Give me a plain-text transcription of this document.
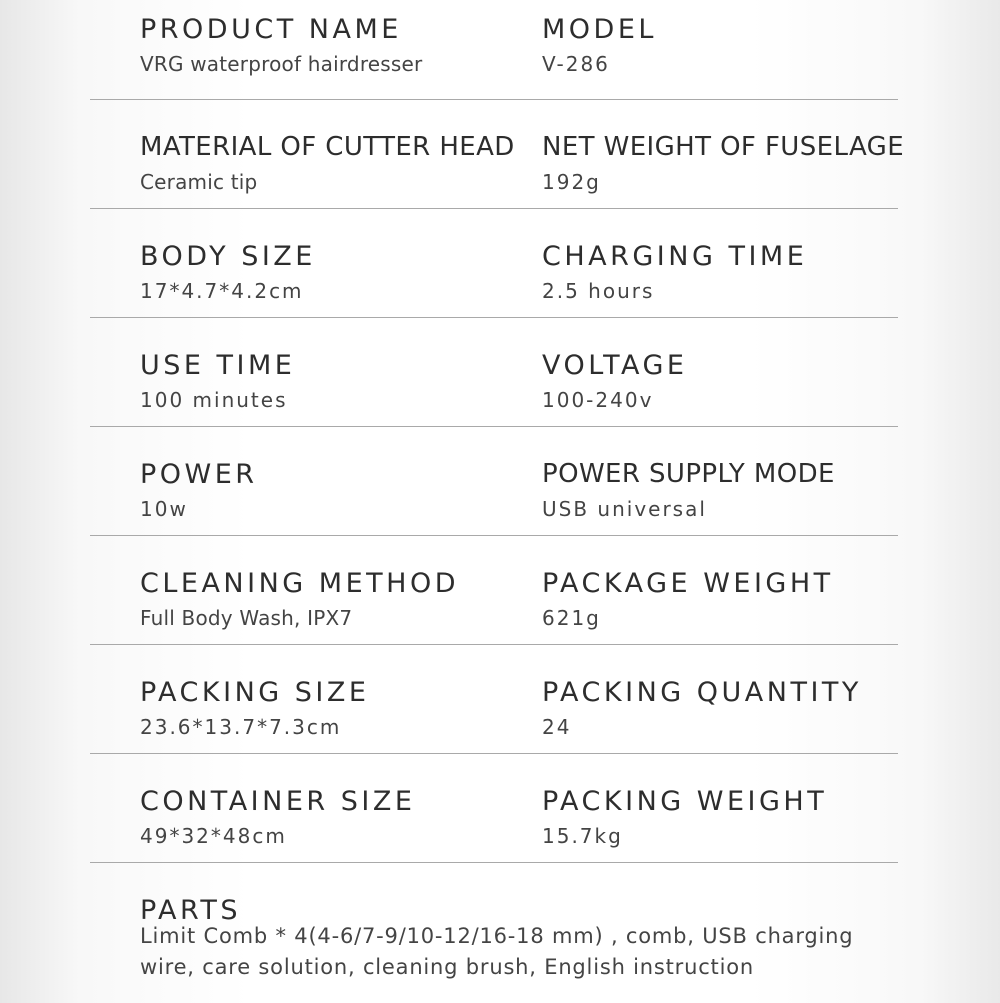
PRODUCT NAME
VRG waterproof hairdresser
MODEL
V-286
MATERIAL OF CUTTER HEAD
Ceramic tip
NET WEIGHT OF FUSELAGE
192g
BODY SIZE
17*4.7*4.2cm
CHARGING TIME
2.5 hours
USE TIME
100 minutes
VOLTAGE
100-240v
POWER
10w
POWER SUPPLY MODE
USB universal
CLEANING METHOD
Full Body Wash, IPX7
PACKAGE WEIGHT
621g
PACKING SIZE
23.6*13.7*7.3cm
PACKING QUANTITY
24
CONTAINER SIZE
49*32*48cm
PACKING WEIGHT
15.7kg
PARTS
Limit Comb * 4(4-6/7-9/10-12/16-18 mm) , comb, USB charging
wire, care solution, cleaning brush, English instruction
